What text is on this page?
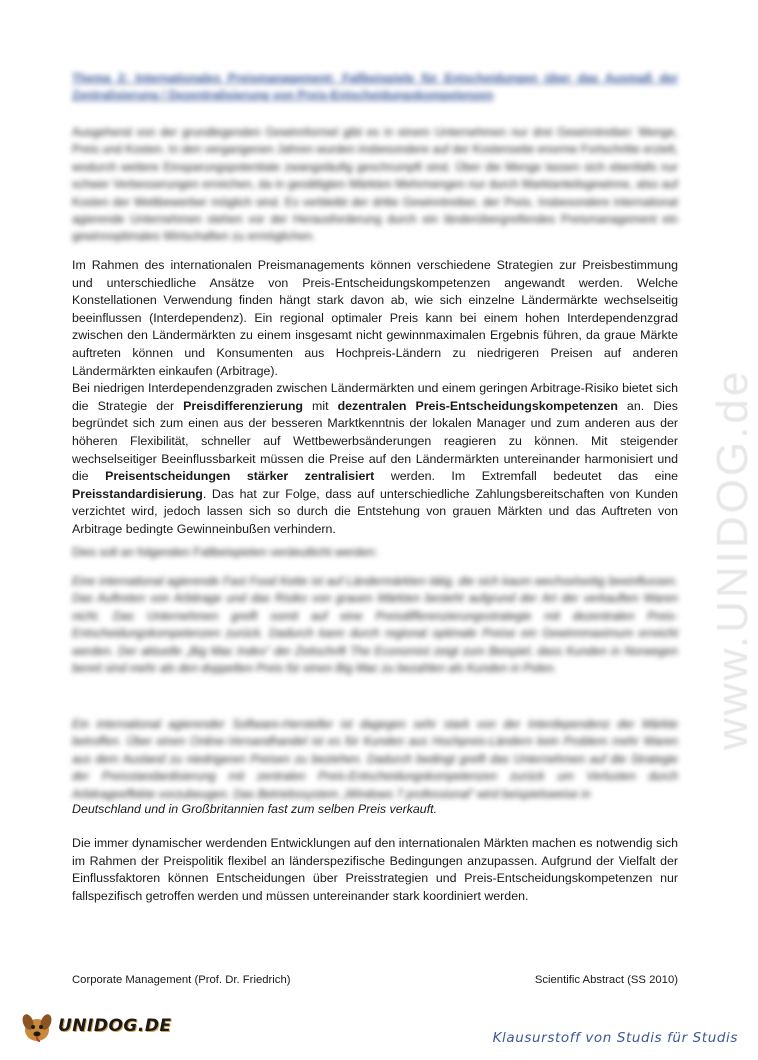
Thema 2: Internationales Preismanagement: Fallbeispiele für Entscheidungen über das Ausmaß der Zentralisierung / Dezentralisierung von Preis-Entscheidungskompetenzen

Ausgehend von der grundlegenden Gewinnformel gibt es in einem Unternehmen nur drei Gewinntreiber: Menge, Preis und Kosten. In den vergangenen Jahren wurden insbesondere auf der Kostenseite enorme Fortschritte erzielt, wodurch weitere Einsparungspotentiale zwangsläufig geschrumpft sind. Über die Menge lassen sich ebenfalls nur schwer Verbesserungen erreichen, da in gesättigten Märkten Mehrmengen nur durch Marktanteilsgewinne, also auf Kosten der Wettbewerber möglich sind. Es verbleibt der dritte Gewinntreiber, der Preis. Insbesondere international agierende Unternehmen stehen vor der Herausforderung durch ein länderübergreifendes Preismanagement ein gewinnoptimales Wirtschaften zu ermöglichen.

Im Rahmen des internationalen Preismanagements können verschiedene Strategien zur Preisbestimmung und unterschiedliche Ansätze von Preis-Entscheidungskompetenzen angewandt werden. Welche Konstellationen Verwendung finden hängt stark davon ab, wie sich einzelne Ländermärkte wechselseitig beeinflussen (Interdependenz). Ein regional optimaler Preis kann bei einem hohen Interdependenzgrad zwischen den Ländermärkten zu einem insgesamt nicht gewinnmaximalen Ergebnis führen, da graue Märkte auftreten können und Konsumenten aus Hochpreis-Ländern zu niedrigeren Preisen auf anderen Ländermärkten einkaufen (Arbitrage).

Bei niedrigen Interdependenzgraden zwischen Ländermärkten und einem geringen Arbitrage-Risiko bietet sich die Strategie der Preisdifferenzierung mit dezentralen Preis-Entscheidungskompetenzen an. Dies begründet sich zum einen aus der besseren Marktkenntnis der lokalen Manager und zum anderen aus der höheren Flexibilität, schneller auf Wettbewerbsänderungen reagieren zu können. Mit steigender wechselseitiger Beeinflussbarkeit müssen die Preise auf den Ländermärkten untereinander harmonisiert und die Preisentscheidungen stärker zentralisiert werden. Im Extremfall bedeutet das eine Preisstandardisierung. Das hat zur Folge, dass auf unterschiedliche Zahlungsbereitschaften von Kunden verzichtet wird, jedoch lassen sich so durch die Entstehung von grauen Märkten und das Auftreten von Arbitrage bedingte Gewinneinbußen verhindern.

Dies soll an folgenden Fallbeispielen verdeutlicht werden:

Eine international agierende Fast Food Kette ist auf Ländermärkten tätig, die sich kaum wechselseitig beeinflussen. Das Auftreten von Arbitrage und das Risiko von grauen Märkten besteht aufgrund der Art der verkauften Waren nicht. Das Unternehmen greift somit auf eine Preisdifferenzierungsstrategie mit dezentralen Preis-Entscheidungskompetenzen zurück. Dadurch kann durch regional optimale Preise ein Gewinnmaximum erreicht werden. Der aktuelle „Big Mac Index“ der Zeitschrift The Economist zeigt zum Beispiel, dass Kunden in Norwegen bereit sind mehr als den doppelten Preis für einen Big Mac zu bezahlen als Kunden in Polen.

Ein international agierender Software-Hersteller ist dagegen sehr stark von der Interdependenz der Märkte betroffen. Über einen Online-Versandhandel ist es für Kunden aus Hochpreis-Ländern kein Problem mehr Waren aus dem Ausland zu niedrigeren Preisen zu beziehen. Dadurch bedingt greift das Unternehmen auf die Strategie der Preisstandardisierung mit zentralen Preis-Entscheidungskompetenzen zurück um Verlusten durch Arbitrageeffekte vorzubeugen. Das Betriebssystem „Windows 7 professional“ wird beispielsweise in

Deutschland und in Großbritannien fast zum selben Preis verkauft.

Die immer dynamischer werdenden Entwicklungen auf den internationalen Märkten machen es notwendig sich im Rahmen der Preispolitik flexibel an länderspezifische Bedingungen anzupassen. Aufgrund der Vielfalt der Einflussfaktoren können Entscheidungen über Preisstrategien und Preis-Entscheidungskompetenzen nur fallspezifisch getroffen werden und müssen untereinander stark koordiniert werden.

www.UNIDOG.de
Corporate Management (Prof. Dr. Friedrich)	Scientific Abstract (SS 2010)
UNIDOG.DE
Klausurstoff von Studis für Studis
